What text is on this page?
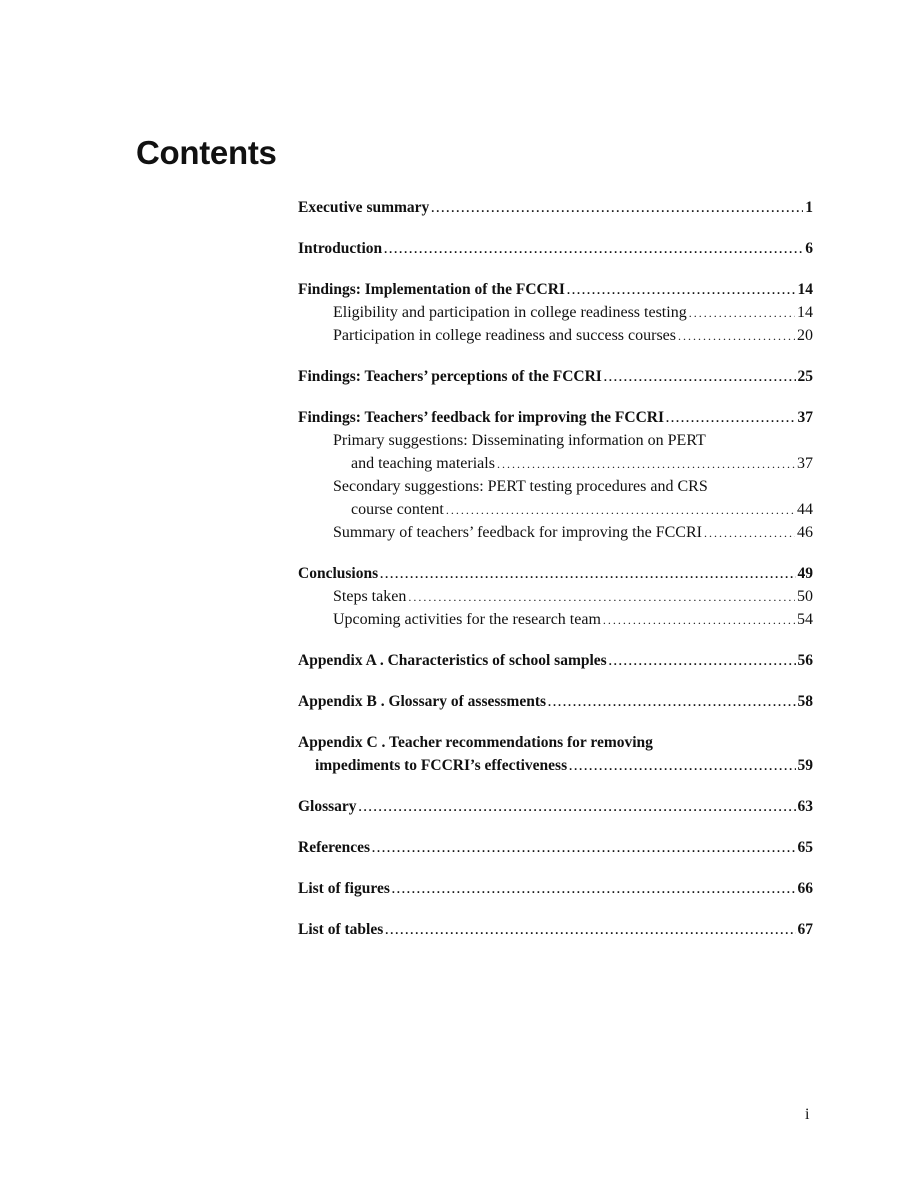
Contents
Executive summary .....	1
Introduction .....	6
Findings: Implementation of the FCCRI .....	14
Eligibility and participation in college readiness testing .....	14
Participation in college readiness and success courses .....	20
Findings: Teachers’ perceptions of the FCCRI .....	25
Findings: Teachers’ feedback for improving the FCCRI .....	37
Primary suggestions: Disseminating information on PERT
and teaching materials .....	37
Secondary suggestions: PERT testing procedures and CRS
course content .....	44
Summary of teachers’ feedback for improving the FCCRI .....	46
Conclusions .....	49
Steps taken .....	50
Upcoming activities for the research team .....	54
Appendix A . Characteristics of school samples .....	56
Appendix B . Glossary of assessments .....	58
Appendix C . Teacher recommendations for removing
impediments to FCCRI’s effectiveness .....	59
Glossary .....	63
References .....	65
List of figures .....	66
List of tables .....	67
i
